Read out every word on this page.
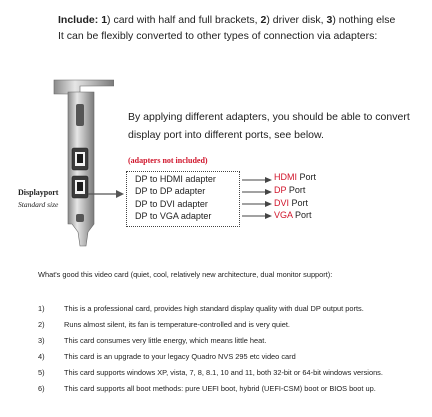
Include: 1) card with half and full brackets, 2) driver disk, 3) nothing else
It can be flexibly converted to other types of connection via adapters:
Displayport
Standard size
By applying different adapters, you should be able to convert
display port into different ports, see below.
(adapters not included)
DP to HDMI adapter
DP to DP adapter
DP to DVI adapter
DP to VGA adapter
HDMI Port
DP Port
DVI Port
VGA Port
What's good this video card (quiet, cool, relatively new architecture, dual monitor support):
1)	This is a professional card, provides high standard display quality with dual DP output ports.
2)	Runs almost silent, its fan is temperature-controlled and is very quiet.
3)	This card consumes very little energy, which means little heat.
4)	This card is an upgrade to your legacy Quadro NVS 295 etc video card
5)	This card supports windows XP, vista, 7, 8, 8.1, 10 and 11, both 32-bit or 64-bit windows versions.
6)	This card supports all boot methods: pure UEFI boot, hybrid (UEFI-CSM) boot or BIOS boot up.
